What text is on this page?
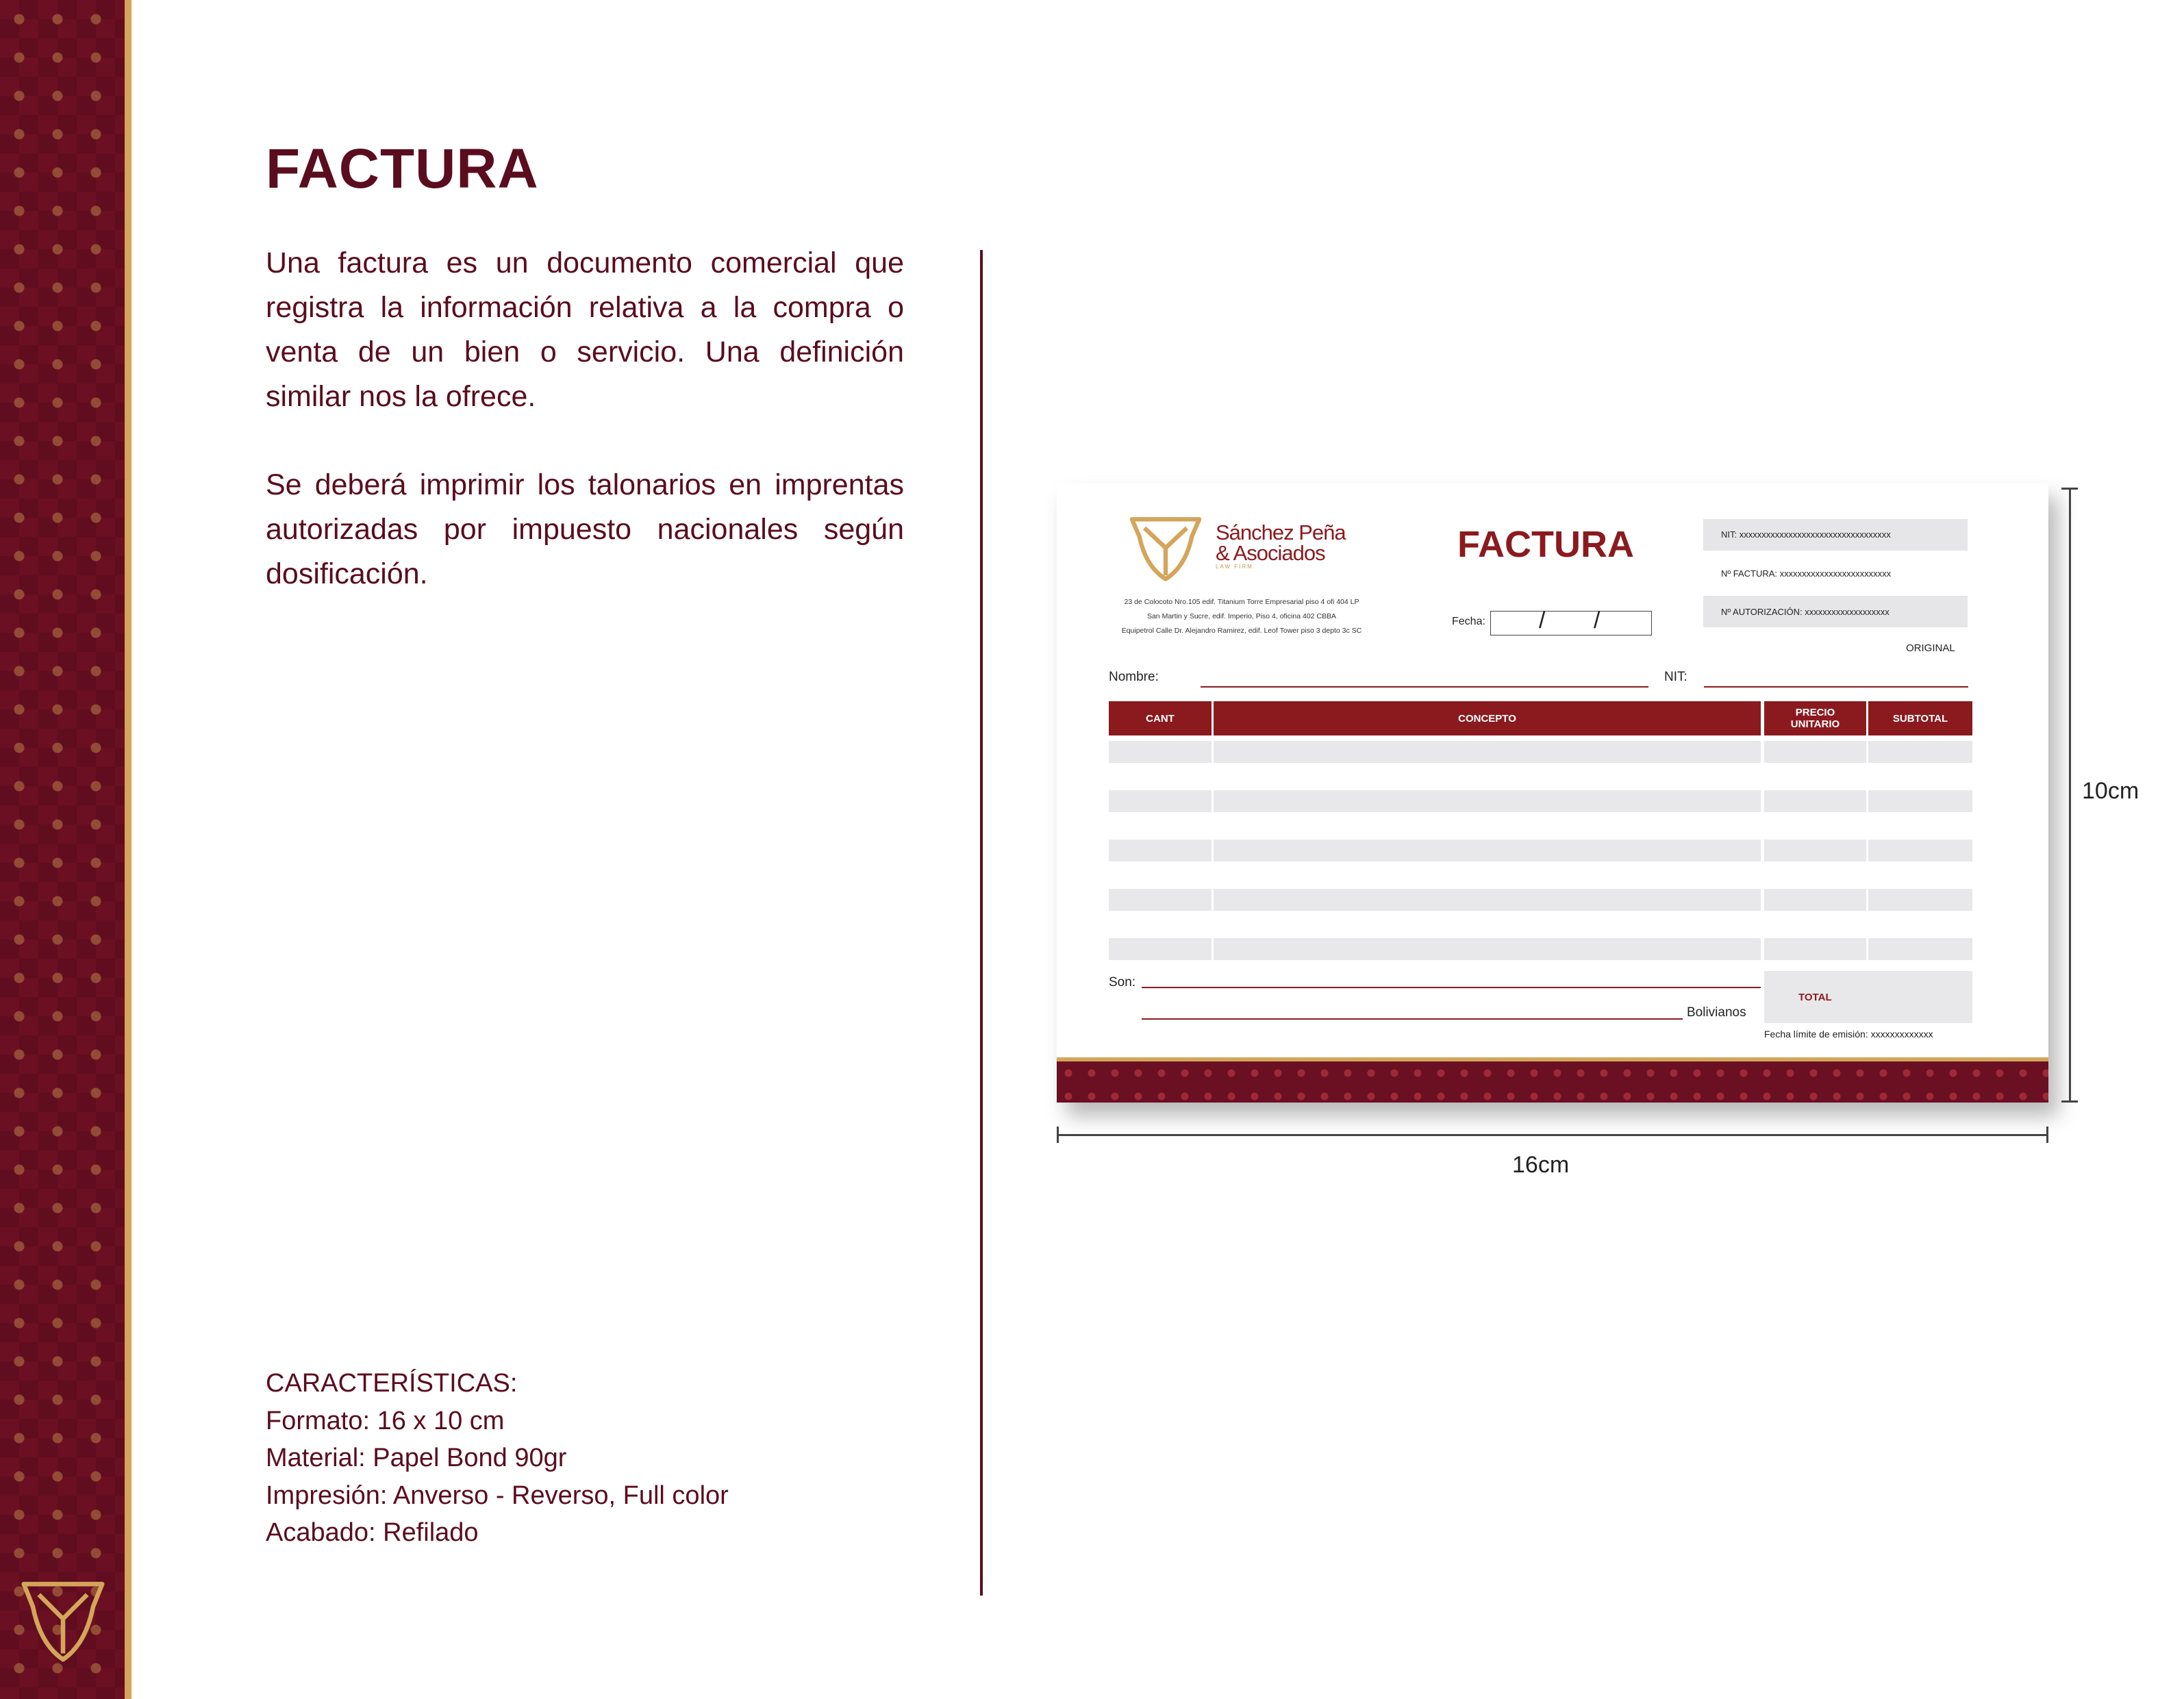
FACTURA

Una factura es un documento comercial que registra la información relativa a la compra o venta de un bien o servicio. Una definición similar nos la ofrece.

Se deberá imprimir los talonarios en imprentas autorizadas por impuesto nacionales según dosificación.

CARACTERÍSTICAS:
Formato: 16 x 10 cm
Material: Papel Bond 90gr
Impresión: Anverso - Reverso, Full color
Acabado: Refilado
Sánchez Peña
& Asociados
LAW FIRM
23 de Colocoto Nro.105 edif. Titanium Torre Empresarial piso 4 ofi 404 LP
San Martin y Sucre, edif. Imperio, Piso 4, oficina 402 CBBA
Equipetrol Calle Dr. Alejandro Ramirez, edif. Leof Tower piso 3 depto 3c SC
FACTURA
Fecha: / /
NIT: xxxxxxxxxxxxxxxxxxxxxxxxxxxxxxxxxx
Nº FACTURA: xxxxxxxxxxxxxxxxxxxxxxxxx
Nº AUTORIZACIÓN: xxxxxxxxxxxxxxxxxxx
ORIGINAL
Nombre:	NIT:
CANT	CONCEPTO	PRECIO UNITARIO	SUBTOTAL
Son:
Bolivianos
TOTAL
Fecha límite de emisión: xxxxxxxxxxxxx
10cm
16cm
